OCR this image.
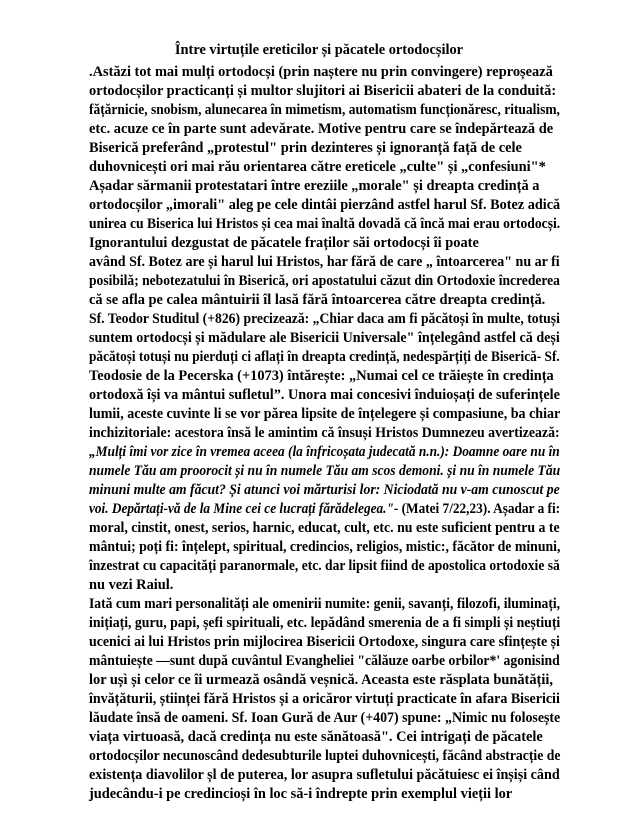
Între virtuțile ereticilor și păcatele ortodocșilor
.Astăzi tot mai mulți ortodocși (prin naștere nu prin convingere) reproșează
ortodocșilor practicanți și multor slujitori ai Bisericii abateri de la conduită:
fățărnicie, snobism, alunecarea în mimetism, automatism funcționăresc, ritualism,
etc. acuze ce în parte sunt adevărate. Motive pentru care se îndepărtează de
Biserică preferând „protestul" prin dezinteres și ignoranță față de cele
duhovnicești ori mai rău orientarea către ereticele „culte" și „confesiuni"*
Așadar sărmanii protestatari între ereziile „morale" și dreapta credință a
ortodocșilor „imorali" aleg pe cele dintâi pierzând astfel harul Sf. Botez adică
unirea cu Biserica lui Hristos și cea mai înaltă dovadă că încă mai erau ortodocși.
Ignorantului dezgustat de păcatele fraților săi ortodocși îi poate
având Sf. Botez are și harul lui Hristos, har fără de care „ întoarcerea" nu ar fi
posibilă; nebotezatului în Biserică, ori apostatului căzut din Ortodoxie încrederea
că se afla pe calea mântuirii îl lasă fără întoarcerea către dreapta credință.
Sf. Teodor Studitul (+826) precizează: „Chiar daca am fi păcătoși în multe, totuși
suntem ortodocși și mădulare ale Bisericii Universale" înțelegând astfel că deși
păcătoși totuși nu pierduți ci aflați în dreapta credință, nedespărțiți de Biserică- Sf.
Teodosie de la Pecerska (+1073) întărește: „Numai cel ce trăiește în credința
ortodoxă își va mântui sufletul”. Unora mai concesivi înduioșați de suferințele
lumii, aceste cuvinte li se vor părea lipsite de înțelegere și compasiune, ba chiar
inchizitoriale: acestora însă le amintim că însuși Hristos Dumnezeu avertizează:
„Mulți îmi vor zice în vremea aceea (la înfricoșata judecată n.n.): Doamne oare nu în
numele Tău am proorocit și nu în numele Tău am scos demoni. și nu în numele Tău
minuni multe am făcut? Și atunci voi mărturisi lor: Niciodată nu v-am cunoscut pe
voi. Depărtați-vă de la Mine cei ce lucrați fărădelegea."- (Matei 7/22,23). Așadar a fi:
moral, cinstit, onest, serios, harnic, educat, cult, etc. nu este suficient pentru a te
mântui; poți fi: înțelept, spiritual, credincios, religios, mistic:, făcător de minuni,
înzestrat cu capacități paranormale, etc. dar lipsit fiind de apostolica ortodoxie să
nu vezi Raiul.
Iată cum mari personalități ale omenirii numite: genii, savanți, filozofi, iluminați,
inițiați, guru, papi, șefi spirituali, etc. lepădând smerenia de a fi simpli și neștiuți
ucenici ai lui Hristos prin mijlocirea Bisericii Ortodoxe, singura care sfințește și
mântuiește —sunt după cuvântul Evangheliei "călăuze oarbe orbilor*' agonisind
lor ușì și celor ce îi urmează osândă veșnică. Aceasta este răsplata bunătății,
învățăturii, științei fără Hristos și a oricăror virtuți practicate în afara Bisericii
lăudate însă de oameni. Sf. Ioan Gură de Aur (+407) spune: „Nimic nu folosește
viața virtuoasă, dacă credința nu este sănătoasă". Cei intrigați de păcatele
ortodocșilor necunoscând dedesubturile luptei duhovnicești, făcând abstracție de
existența diavolilor șl de puterea, lor asupra sufletului păcătuiesc ei înșiși când
judecându-i pe credincioși în loc să-i îndrepte prin exemplul vieții lor
